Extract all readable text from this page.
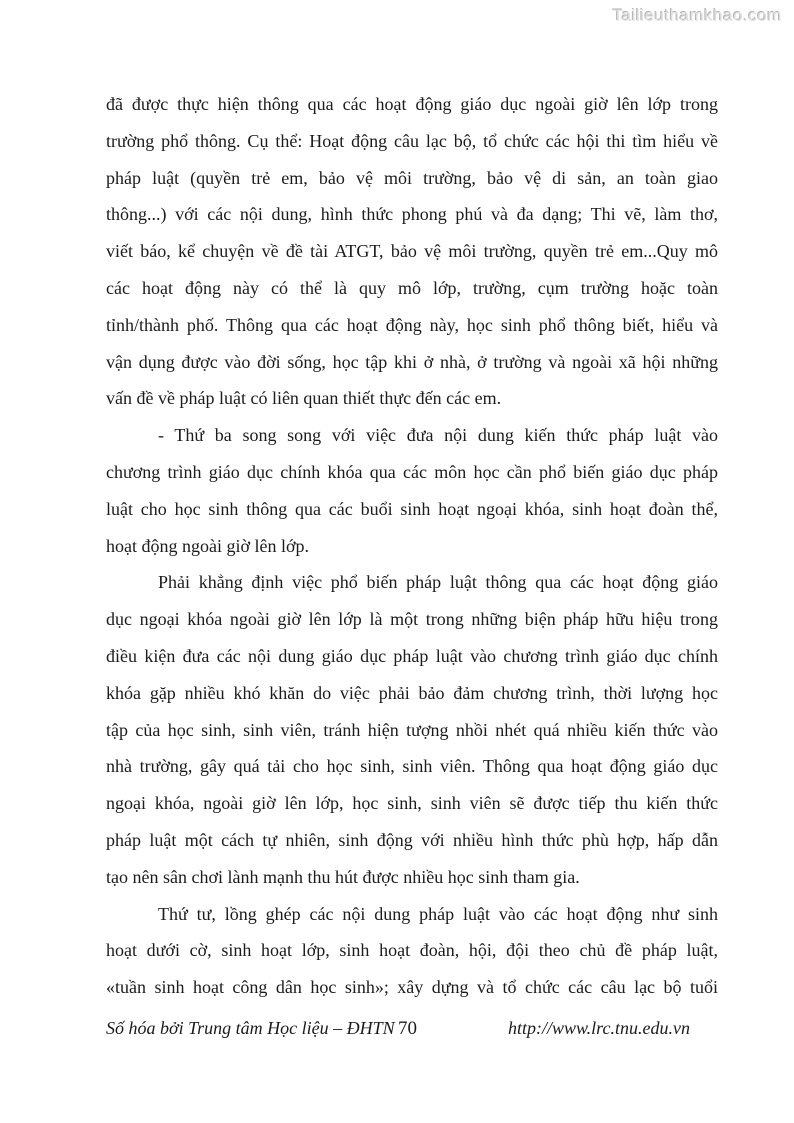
Tailieuthamkhao.com
đã được thực hiện thông qua các hoạt động giáo dục ngoài giờ lên lớp trong
trường phổ thông. Cụ thể: Hoạt động câu lạc bộ, tổ chức các hội thi tìm hiểu về
pháp luật (quyền trẻ em, bảo vệ môi trường, bảo vệ di sản, an toàn giao
thông...) với các nội dung, hình thức phong phú và đa dạng; Thi vẽ, làm thơ,
viết báo, kể chuyện về đề tài ATGT, bảo vệ môi trường, quyền trẻ em...Quy mô
các hoạt động này có thể là quy mô lớp, trường, cụm trường hoặc toàn
tỉnh/thành phố. Thông qua các hoạt động này, học sinh phổ thông biết, hiểu và
vận dụng được vào đời sống, học tập khi ở nhà, ở trường và ngoài xã hội những
vấn đề về pháp luật có liên quan thiết thực đến các em.
- Thứ ba song song với việc đưa nội dung kiến thức pháp luật vào
chương trình giáo dục chính khóa qua các môn học cần phổ biến giáo dục pháp
luật cho học sinh thông qua các buổi sinh hoạt ngoại khóa, sinh hoạt đoàn thể,
hoạt động ngoài giờ lên lớp.
Phải khẳng định việc phổ biến pháp luật thông qua các hoạt động giáo
dục ngoại khóa ngoài giờ lên lớp là một trong những biện pháp hữu hiệu trong
điều kiện đưa các nội dung giáo dục pháp luật vào chương trình giáo dục chính
khóa gặp nhiều khó khăn do việc phải bảo đảm chương trình, thời lượng học
tập của học sinh, sinh viên, tránh hiện tượng nhồi nhét quá nhiều kiến thức vào
nhà trường, gây quá tải cho học sinh, sinh viên. Thông qua hoạt động giáo dục
ngoại khóa, ngoài giờ lên lớp, học sinh, sinh viên sẽ được tiếp thu kiến thức
pháp luật một cách tự nhiên, sinh động với nhiều hình thức phù hợp, hấp dẫn
tạo nên sân chơi lành mạnh thu hút được nhiều học sinh tham gia.
Thứ tư, lồng ghép các nội dung pháp luật vào các hoạt động như sinh
hoạt dưới cờ, sinh hoạt lớp, sinh hoạt đoàn, hội, đội theo chủ đề pháp luật,
«tuần sinh hoạt công dân học sinh»; xây dựng và tổ chức các câu lạc bộ tuổi
Số hóa bởi Trung tâm Học liệu – ĐHTN 70	http://www.lrc.tnu.edu.vn
